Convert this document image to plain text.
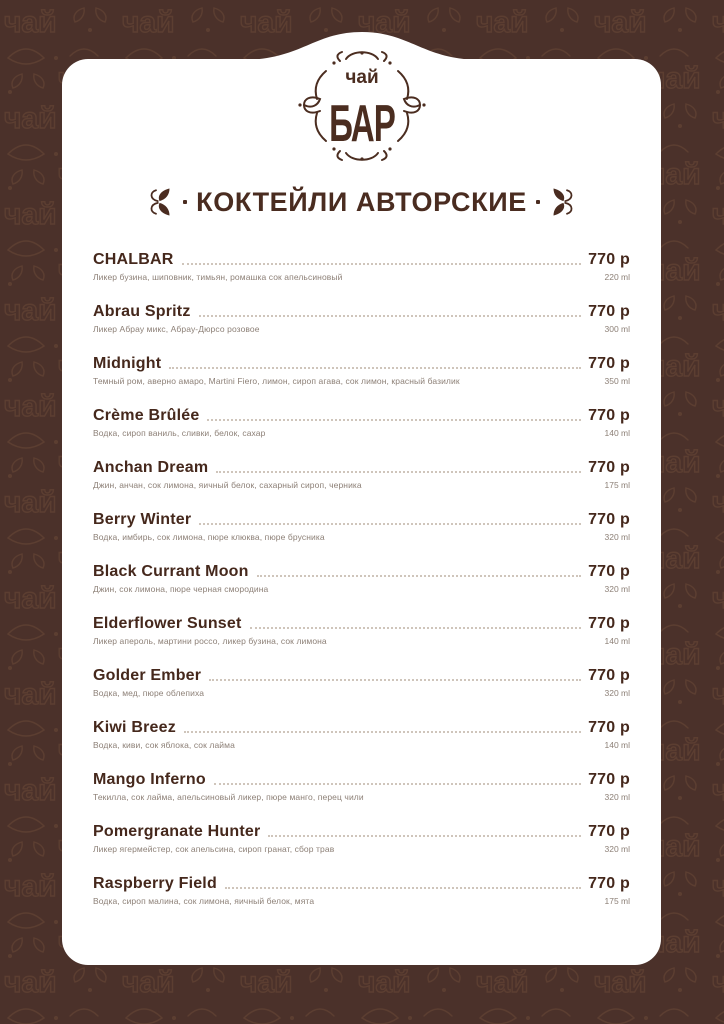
чай
БАР
КОКТЕЙЛИ АВТОРСКИЕ
CHALBAR	770 р
Ликер бузина, шиповник, тимьян, ромашка сок апельсиновый	220 ml
Abrau Spritz	770 р
Ликер Абрау микс, Абрау-Дюрсо розовое	300 ml
Midnight	770 р
Темный ром, аверно амаро, Martini Fiero, лимон, сироп агава, сок лимон, красный базилик	350 ml
Crème Brûlée	770 р
Водка, сироп ваниль, сливки, белок, сахар	140 ml
Anchan Dream	770 р
Джин, анчан, сок лимона, яичный белок, сахарный сироп, черника	175 ml
Berry Winter	770 р
Водка, имбирь, сок лимона, пюре клюква, пюре брусника	320 ml
Black Currant Moon	770 р
Джин, сок лимона, пюре черная смородина	320 ml
Elderflower Sunset	770 р
Ликер апероль, мартини россо, ликер бузина, сок лимона	140 ml
Golder Ember	770 р
Водка, мед, пюре облепиха	320 ml
Kiwi Breez	770 р
Водка, киви, сок яблока, сок лайма	140 ml
Mango Inferno	770 р
Текилла, сок лайма, апельсиновый ликер, пюре манго, перец чили	320 ml
Pomergranate Hunter	770 р
Ликер ягермейстер, сок апельсина, сироп гранат, сбор трав	320 ml
Raspberry Field	770 р
Водка, сироп малина, сок лимона, яичный белок, мята	175 ml
